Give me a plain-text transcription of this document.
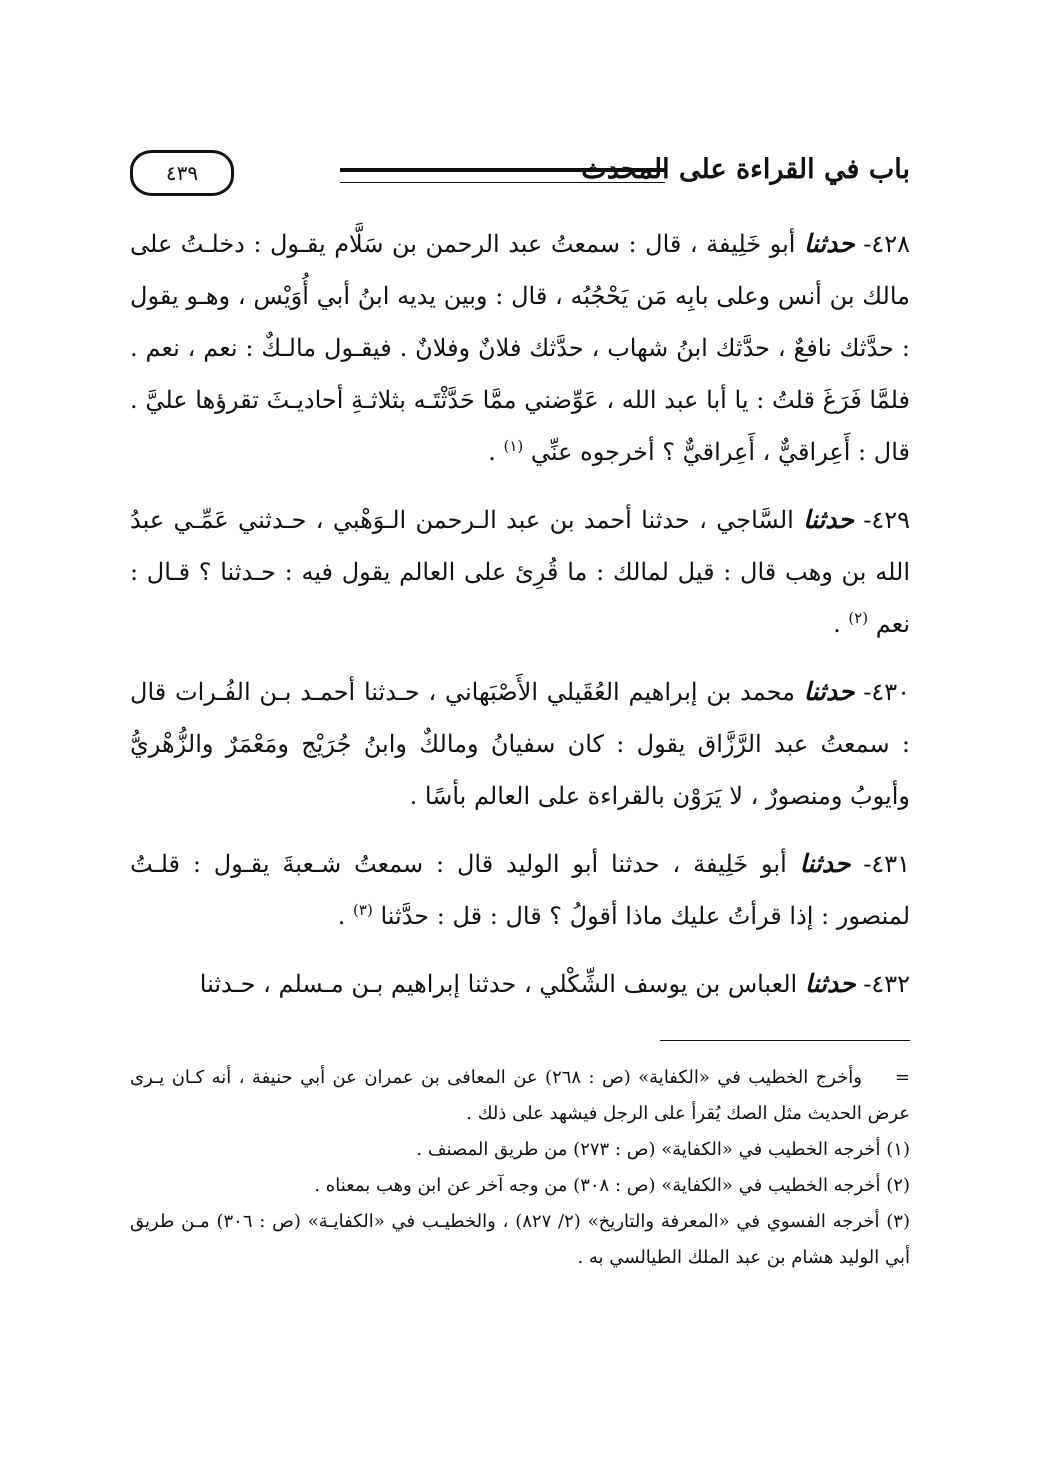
باب في القراءة على المحدث
٤٣٩

٤٢٨- حدثنا أبو خَلِيفة ، قال : سمعتُ عبد الرحمن بن سَلَّام يقـول : دخلـتُ على مالك بن أنس وعلى بابِه مَن يَحْجُبُه ، قال : وبين يديه ابنُ أبي أُوَيْس ، وهـو يقول : حدَّثك نافعٌ ، حدَّثك ابنُ شهاب ، حدَّثك فلانٌ وفلانٌ . فيقـول مالـكٌ : نعم ، نعم . فلمَّا فَرَغَ قلتُ : يا أبا عبد الله ، عَوِّضني ممَّا حَدَّثْتَـه بثلاثـةِ أحاديـثَ تقرؤها عليَّ . قال : أَعِراقيٌّ ، أَعِراقيٌّ ؟ أخرجوه عنِّي $^{(١)}$ .

٤٢٩- حدثنا السَّاجي ، حدثنا أحمد بن عبد الـرحمن الـوَهْبي ، حـدثني عَمِّـي عبدُ الله بن وهب قال : قيل لمالك : ما قُرِئ على العالم يقول فيه : حـدثنا ؟ قـال : نعم $^{(٢)}$ .

٤٣٠- حدثنا محمد بن إبراهيم العُقَيلي الأَصْبَهاني ، حـدثنا أحمـد بـن الفُـرات قال : سمعتُ عبد الرَّزَّاق يقول : كان سفيانُ ومالكٌ وابنُ جُرَيْج ومَعْمَرٌ والزُّهْريُّ وأيوبُ ومنصورٌ ، لا يَرَوْن بالقراءة على العالم بأسًا .

٤٣١- حدثنا أبو خَلِيفة ، حدثنا أبو الوليد قال : سمعتُ شـعبةَ يقـول : قلـتُ لمنصور : إذا قرأتُ عليك ماذا أقولُ ؟ قال : قل : حدَّثنا $^{(٣)}$ .

٤٣٢- حدثنا العباس بن يوسف الشِّكْلي ، حدثنا إبراهيم بـن مـسلم ، حـدثنا

=وأخرج الخطيب في «الكفاية» (ص : ٢٦٨) عن المعافى بن عمران عن أبي حنيفة ، أنه كـان يـرى عرض الحديث مثل الصك يُقرأ على الرجل فيشهد على ذلك .

(١) أخرجه الخطيب في «الكفاية» (ص : ٢٧٣) من طريق المصنف .

(٢) أخرجه الخطيب في «الكفاية» (ص : ٣٠٨) من وجه آخر عن ابن وهب بمعناه .

(٣) أخرجه الفسوي في «المعرفة والتاريخ» (٢/ ٨٢٧) ، والخطيـب في «الكفايـة» (ص : ٣٠٦) مـن طريق أبي الوليد هشام بن عبد الملك الطيالسي به .
